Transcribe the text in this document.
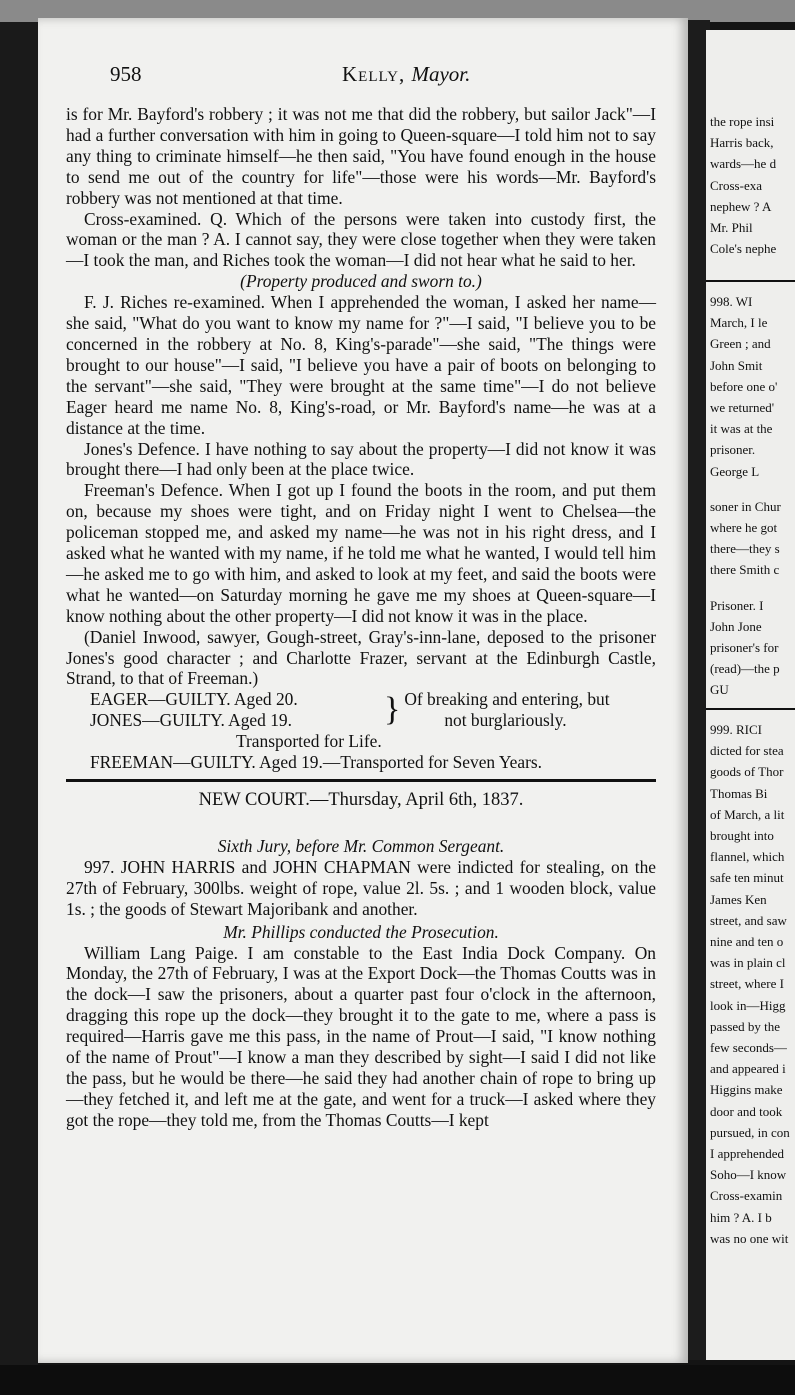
958	Kelly, Mayor.

is for Mr. Bayford's robbery ; it was not me that did the robbery, but sailor Jack"—I had a further conversation with him in going to Queen-square—I told him not to say any thing to criminate himself—he then said, "You have found enough in the house to send me out of the country for life"—those were his words—Mr. Bayford's robbery was not mentioned at that time.

Cross-examined. Q. Which of the persons were taken into custody first, the woman or the man ? A. I cannot say, they were close together when they were taken—I took the man, and Riches took the woman—I did not hear what he said to her.

(Property produced and sworn to.)

F. J. Riches re-examined. When I apprehended the woman, I asked her name—she said, "What do you want to know my name for ?"—I said, "I believe you to be concerned in the robbery at No. 8, King's-parade"—she said, "The things were brought to our house"—I said, "I believe you have a pair of boots on belonging to the servant"—she said, "They were brought at the same time"—I do not believe Eager heard me name No. 8, King's-road, or Mr. Bayford's name—he was at a distance at the time.

Jones's Defence. I have nothing to say about the property—I did not know it was brought there—I had only been at the place twice.

Freeman's Defence. When I got up I found the boots in the room, and put them on, because my shoes were tight, and on Friday night I went to Chelsea—the policeman stopped me, and asked my name—he was not in his right dress, and I asked what he wanted with my name, if he told me what he wanted, I would tell him—he asked me to go with him, and asked to look at my feet, and said the boots were what he wanted—on Saturday morning he gave me my shoes at Queen-square—I know nothing about the other property—I did not know it was in the place.

(Daniel Inwood, sawyer, Gough-street, Gray's-inn-lane, deposed to the prisoner Jones's good character ; and Charlotte Frazer, servant at the Edinburgh Castle, Strand, to that of Freeman.)

EAGER—GUILTY. Aged 20.
JONES—GUILTY. Aged 19.	} Of breaking and entering, but
not burglariously.
Transported for Life.
FREEMAN—GUILTY. Aged 19.—Transported for Seven Years.
NEW COURT.—Thursday, April 6th, 1837.

Sixth Jury, before Mr. Common Sergeant.

997. JOHN HARRIS and JOHN CHAPMAN were indicted for stealing, on the 27th of February, 300lbs. weight of rope, value 2l. 5s. ; and 1 wooden block, value 1s. ; the goods of Stewart Majoribank and another.

Mr. Phillips conducted the Prosecution.

William Lang Paige. I am constable to the East India Dock Company. On Monday, the 27th of February, I was at the Export Dock—the Thomas Coutts was in the dock—I saw the prisoners, about a quarter past four o'clock in the afternoon, dragging this rope up the dock—they brought it to the gate to me, where a pass is required—Harris gave me this pass, in the name of Prout—I said, "I know nothing of the name of Prout"—I know a man they described by sight—I said I did not like the pass, but he would be there—he said they had another chain of rope to bring up—they fetched it, and left me at the gate, and went for a truck—I asked where they got the rope—they told me, from the Thomas Coutts—I kept

the rope insi
Harris back,
wards—he d
Cross-exa
nephew ? A
Mr. Phil
Cole's nephe
998. WI
March, I le
Green ; and
John Smit
before one o'
we returned'
it was at the
prisoner.
George L
soner in Chur
where he got
there—they s
there Smith c
Prisoner. I
John Jone
prisoner's for
(read)—the p
GU
999. RICI
dicted for stea
goods of Thor
Thomas Bi
of March, a lit
brought into
flannel, which
safe ten minut
James Ken
street, and saw
nine and ten o
was in plain cl
street, where I
look in—Higg
passed by the
few seconds—
and appeared i
Higgins make
door and took
pursued, in con
I apprehended
Soho—I know
Cross-examin
him ? A. I b
was no one wit
